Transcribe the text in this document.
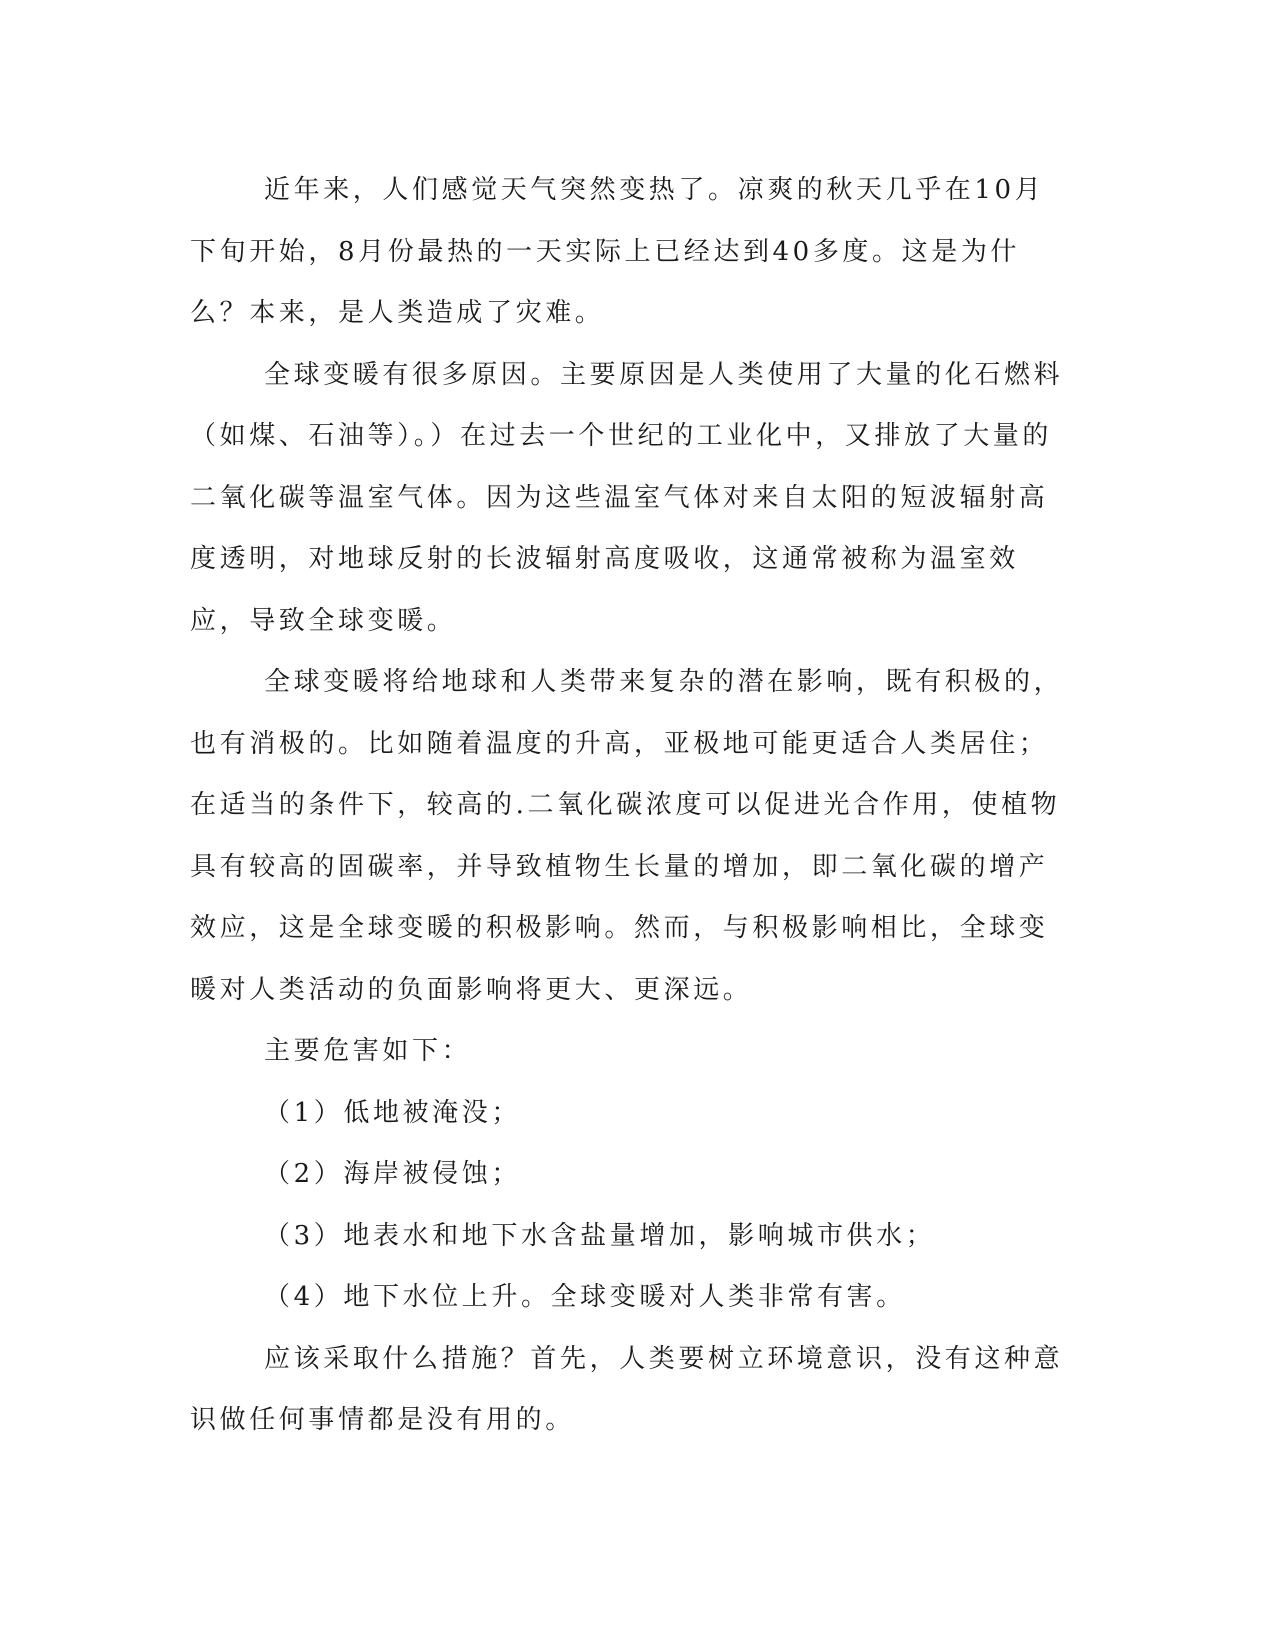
近年来，人们感觉天气突然变热了。凉爽的秋天几乎在10月下旬开始，8月份最热的一天实际上已经达到40多度。这是为什么？本来，是人类造成了灾难。

全球变暖有很多原因。主要原因是人类使用了大量的化石燃料（如煤、石油等）。）在过去一个世纪的工业化中，又排放了大量的二氧化碳等温室气体。因为这些温室气体对来自太阳的短波辐射高度透明，对地球反射的长波辐射高度吸收，这通常被称为温室效应，导致全球变暖。

全球变暖将给地球和人类带来复杂的潜在影响，既有积极的，也有消极的。比如随着温度的升高，亚极地可能更适合人类居住；在适当的条件下，较高的.二氧化碳浓度可以促进光合作用，使植物具有较高的固碳率，并导致植物生长量的增加，即二氧化碳的增产效应，这是全球变暖的积极影响。然而，与积极影响相比，全球变暖对人类活动的负面影响将更大、更深远。

主要危害如下：

（1）低地被淹没；

（2）海岸被侵蚀；

（3）地表水和地下水含盐量增加，影响城市供水；

（4）地下水位上升。全球变暖对人类非常有害。

应该采取什么措施？首先，人类要树立环境意识，没有这种意识做任何事情都是没有用的。
